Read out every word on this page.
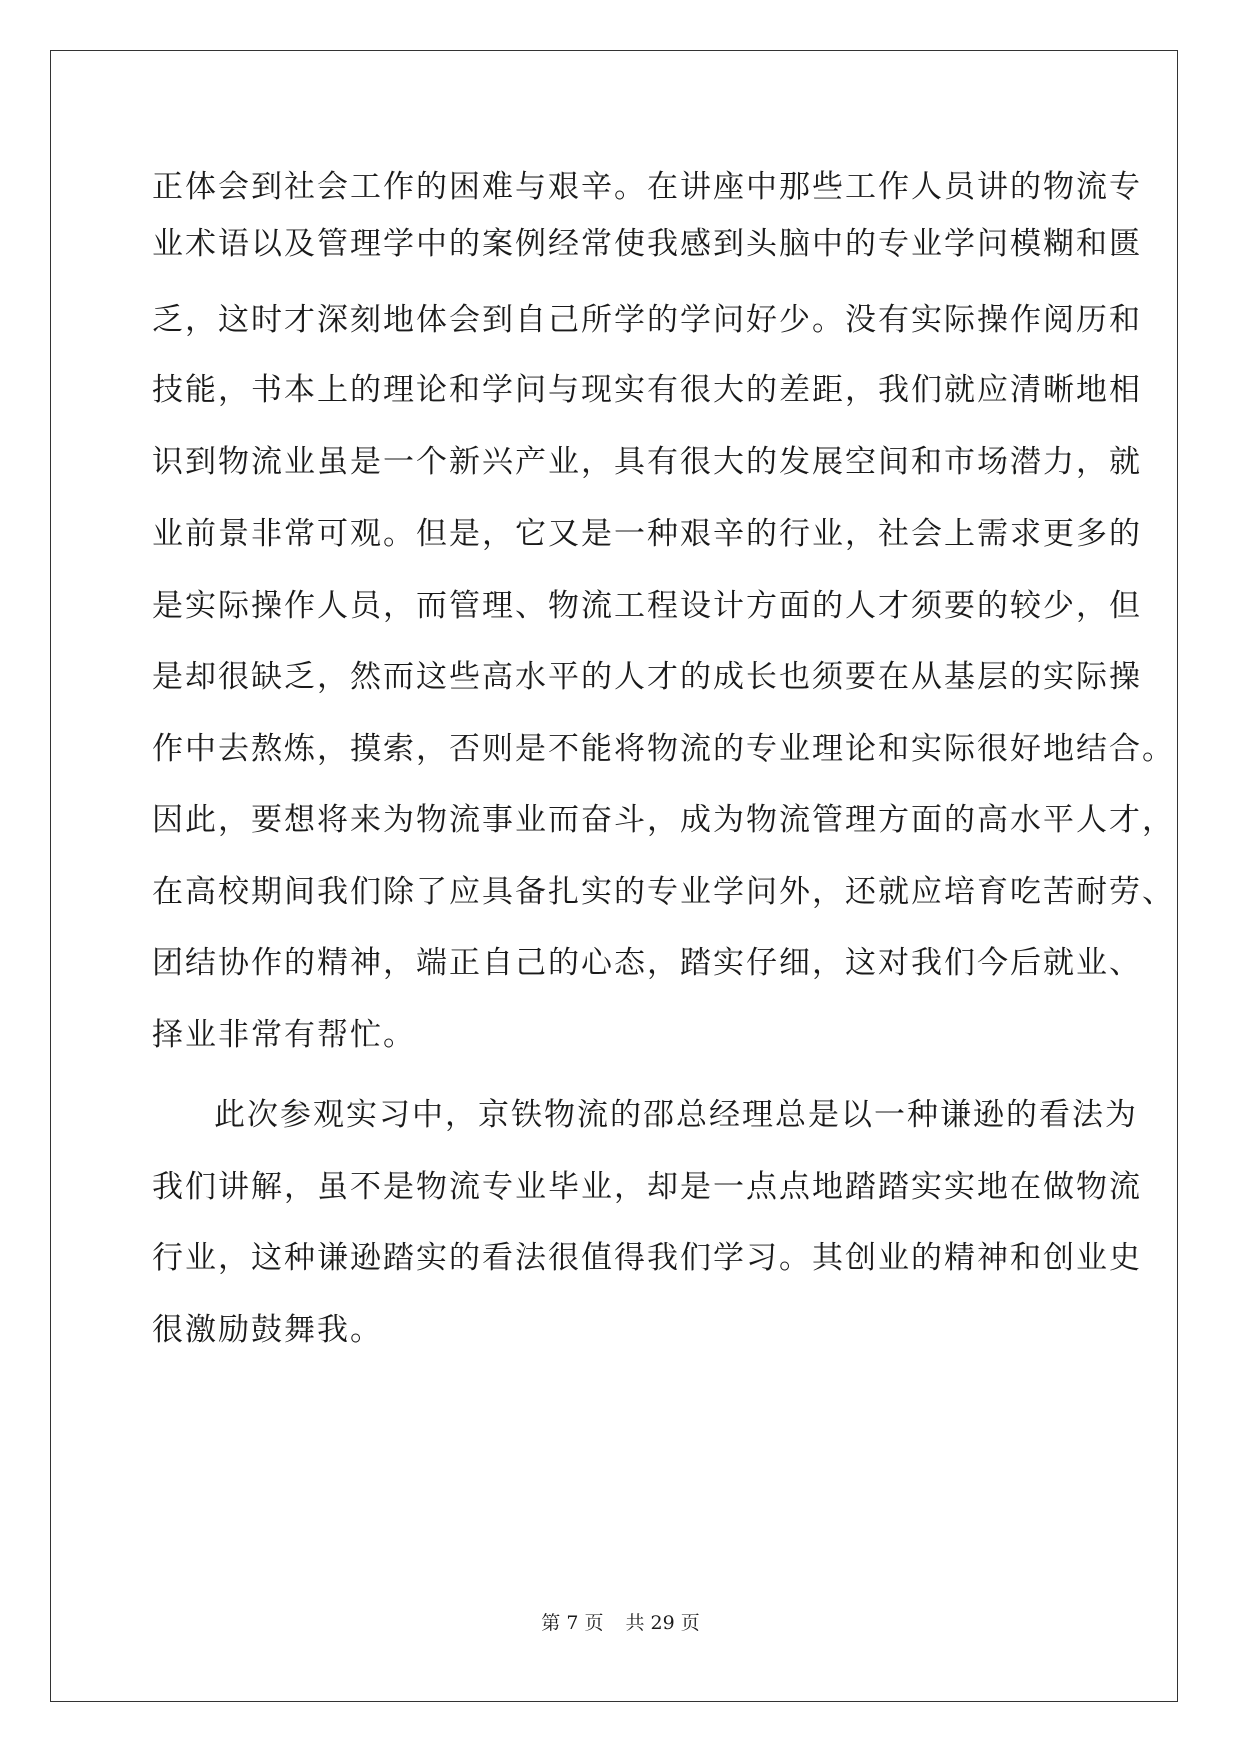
正体会到社会工作的困难与艰辛。在讲座中那些工作人员讲的物流专
业术语以及管理学中的案例经常使我感到头脑中的专业学问模糊和匮
乏，这时才深刻地体会到自己所学的学问好少。没有实际操作阅历和
技能，书本上的理论和学问与现实有很大的差距，我们就应清晰地相
识到物流业虽是一个新兴产业，具有很大的发展空间和市场潜力，就
业前景非常可观。但是，它又是一种艰辛的行业，社会上需求更多的
是实际操作人员，而管理、物流工程设计方面的人才须要的较少，但
是却很缺乏，然而这些高水平的人才的成长也须要在从基层的实际操
作中去熬炼，摸索，否则是不能将物流的专业理论和实际很好地结合。
因此，要想将来为物流事业而奋斗，成为物流管理方面的高水平人才，
在高校期间我们除了应具备扎实的专业学问外，还就应培育吃苦耐劳、
团结协作的精神，端正自己的心态，踏实仔细，这对我们今后就业、
择业非常有帮忙。
此次参观实习中，京铁物流的邵总经理总是以一种谦逊的看法为
我们讲解，虽不是物流专业毕业，却是一点点地踏踏实实地在做物流
行业，这种谦逊踏实的看法很值得我们学习。其创业的精神和创业史
很激励鼓舞我。
第 7 页 共 29 页
